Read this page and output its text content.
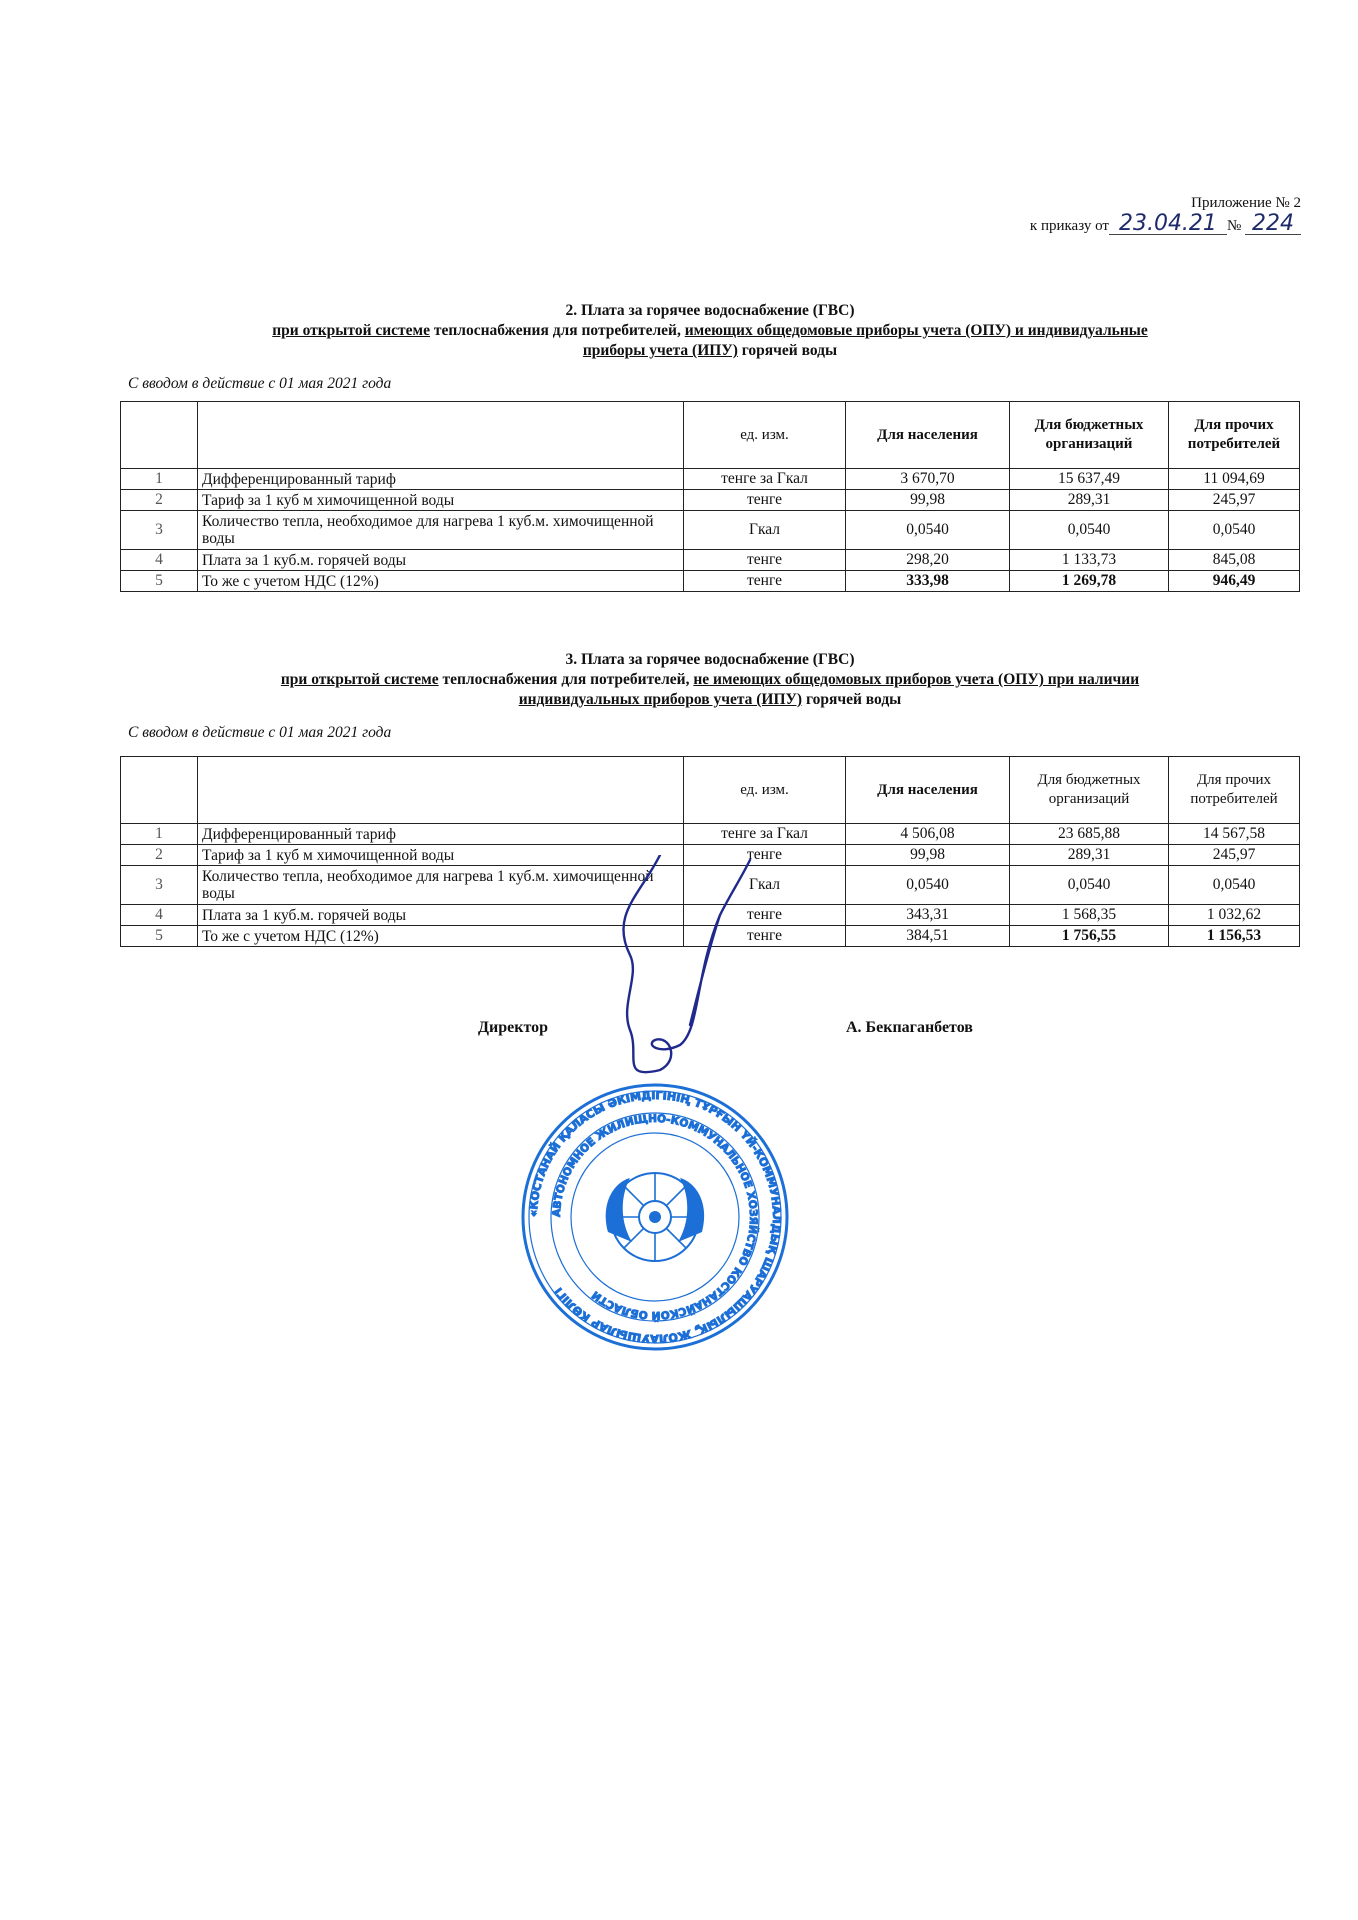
Приложение № 2
к приказу от 23.04.21 № 224
2. Плата за горячее водоснабжение (ГВС)
при открытой системе теплоснабжения для потребителей, имеющих общедомовые приборы учета (ОПУ) и индивидуальные
приборы учета (ИПУ) горячей воды
С вводом в действие с 01 мая 2021 года
		ед. изм.	Для населения	Для бюджетных организаций	Для прочих потребителей
1	Дифференцированный тариф	тенге за Гкал	3 670,70	15 637,49	11 094,69
2	Тариф за 1 куб м химочищенной воды	тенге	99,98	289,31	245,97
3	Количество тепла, необходимое для нагрева 1 куб.м. химочищенной воды	Гкал	0,0540	0,0540	0,0540
4	Плата за 1 куб.м. горячей воды	тенге	298,20	1 133,73	845,08
5	То же с учетом НДС (12%)	тенге	333,98	1 269,78	946,49
3. Плата за горячее водоснабжение (ГВС)
при открытой системе теплоснабжения для потребителей, не имеющих общедомовых приборов учета (ОПУ) при наличии
индивидуальных приборов учета (ИПУ) горячей воды
С вводом в действие с 01 мая 2021 года
		ед. изм.	Для населения	Для бюджетных организаций	Для прочих потребителей
1	Дифференцированный тариф	тенге за Гкал	4 506,08	23 685,88	14 567,58
2	Тариф за 1 куб м химочищенной воды	тенге	99,98	289,31	245,97
3	Количество тепла, необходимое для нагрева 1 куб.м. химочищенной воды	Гкал	0,0540	0,0540	0,0540
4	Плата за 1 куб.м. горячей воды	тенге	343,31	1 568,35	1 032,62
5	То же с учетом НДС (12%)	тенге	384,51	1 756,55	1 156,53
Директор	А. Бекпаганбетов
«КОСТАНАЙ ҚАЛАСЫ ӘКІМДІГІНІҢ ТҰРҒЫН ҮЙ-КОММУНАЛДЫҚ ШАРУАШЫЛЫҚ, ЖОЛАУШЫЛАР КӨЛІГІ
АВТОНОМНОЕ ЖИЛИЩНО-КОММУНАЛЬНОЕ ХОЗЯЙСТВО КОСТАНАЙСКОЙ ОБЛАСТИ
